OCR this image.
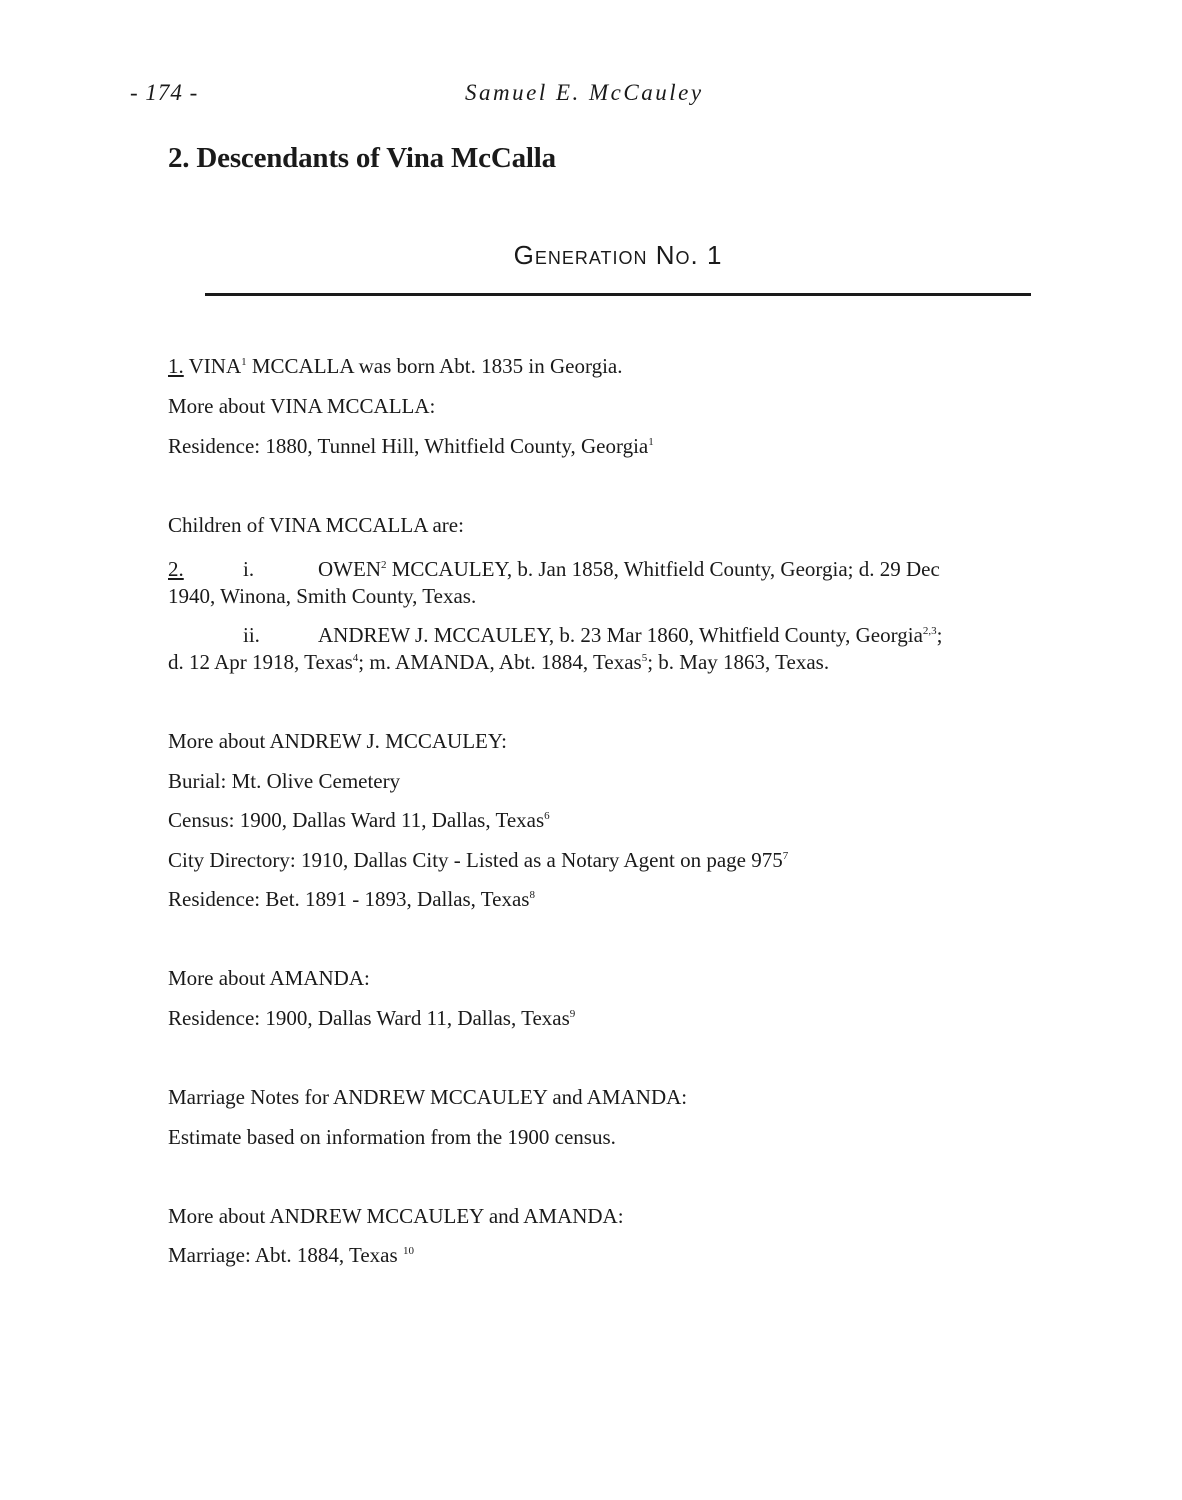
- 174 -	Samuel E. McCauley
2. Descendants of Vina McCalla
Generation No. 1
1. VINA$^1$ MCCALLA was born Abt. 1835 in Georgia.
More about VINA MCCALLA:
Residence: 1880, Tunnel Hill, Whitfield County, Georgia$^1$
Children of VINA MCCALLA are:
2.	i.	OWEN$^2$ MCCAULEY, b. Jan 1858, Whitfield County, Georgia; d. 29 Dec
1940, Winona, Smith County, Texas.
ii.	ANDREW J. MCCAULEY, b. 23 Mar 1860, Whitfield County, Georgia$^{2,3}$;
d. 12 Apr 1918, Texas$^4$; m. AMANDA, Abt. 1884, Texas$^5$; b. May 1863, Texas.
More about ANDREW J. MCCAULEY:
Burial: Mt. Olive Cemetery
Census: 1900, Dallas Ward 11, Dallas, Texas$^6$
City Directory: 1910, Dallas City - Listed as a Notary Agent on page $975^7$
Residence: Bet. 1891 - 1893, Dallas, Texas$^8$
More about AMANDA:
Residence: 1900, Dallas Ward 11, Dallas, Texas$^9$
Marriage Notes for ANDREW MCCAULEY and AMANDA:
Estimate based on information from the 1900 census.
More about ANDREW MCCAULEY and AMANDA:
Marriage: Abt. 1884, Texas $^{10}$
